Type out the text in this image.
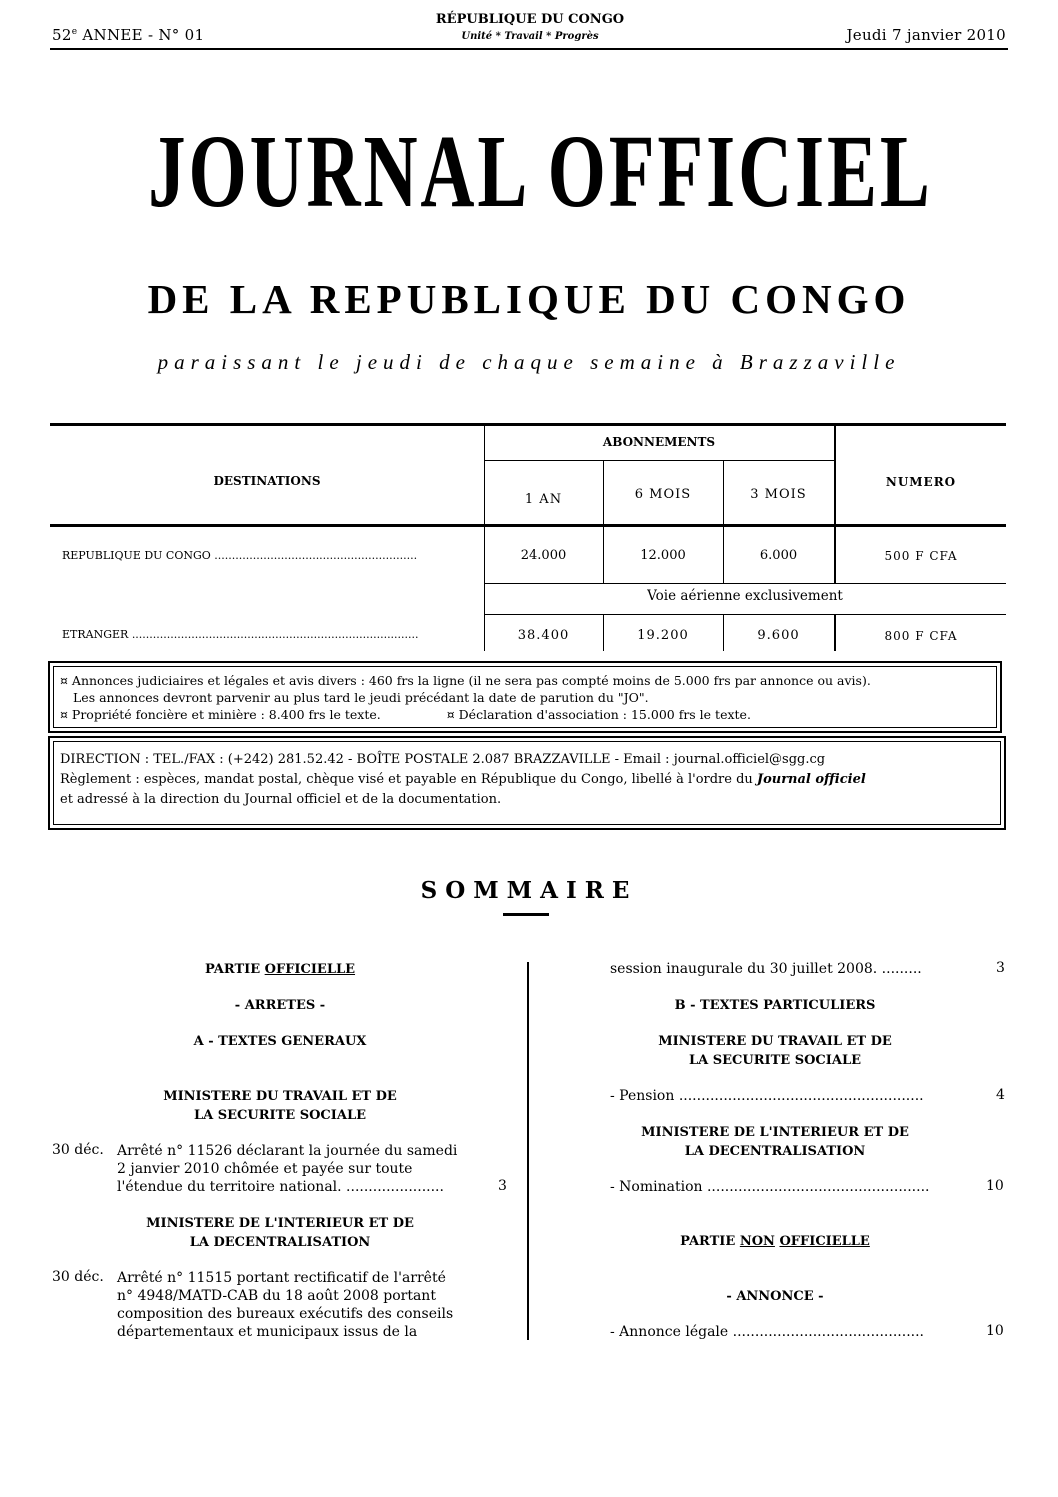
52e ANNEE - N° 01
RÉPUBLIQUE DU CONGO
Unité * Travail * Progrès	Jeudi 7 janvier 2010
JOURNAL OFFICIEL
DE LA REPUBLIQUE DU CONGO
paraissant le jeudi de chaque semaine à Brazzaville
DESTINATIONS
ABONNEMENTS
NUMERO
1 AN	6 MOIS	3 MOIS
REPUBLIQUE DU CONGO ..........................................................	24.000	12.000	6.000	500 F CFA
Voie aérienne exclusivement
ETRANGER ..................................................................................	38.400	19.200	9.600	800 F CFA
¤ Annonces judiciaires et légales et avis divers : 460 frs la ligne (il ne sera pas compté moins de 5.000 frs par annonce ou avis).
Les annonces devront parvenir au plus tard le jeudi précédant la date de parution du "JO".
¤ Propriété foncière et minière : 8.400 frs le texte.	¤ Déclaration d'association : 15.000 frs le texte.
DIRECTION : TEL./FAX : (+242) 281.52.42 - BOÎTE POSTALE 2.087 BRAZZAVILLE - Email : journal.officiel@sgg.cg
Règlement : espèces, mandat postal, chèque visé et payable en République du Congo, libellé à l'ordre du Journal officiel
et adressé à la direction du Journal officiel et de la documentation.
SOMMAIRE
PARTIE OFFICIELLE
- ARRETES -
A - TEXTES GENERAUX
MINISTERE DU TRAVAIL ET DE
LA SECURITE SOCIALE
30 déc. Arrêté n° 11526 déclarant la journée du samedi
2 janvier 2010 chômée et payée sur toute
l'étendue du territoire national. ......................	3
MINISTERE DE L'INTERIEUR ET DE
LA DECENTRALISATION
30 déc. Arrêté n° 11515 portant rectificatif de l'arrêté
n° 4948/MATD-CAB du 18 août 2008 portant
composition des bureaux exécutifs des conseils
départementaux et municipaux issus de la
session inaugurale du 30 juillet 2008. .........	3
B - TEXTES PARTICULIERS
MINISTERE DU TRAVAIL ET DE
LA SECURITE SOCIALE
- Pension .......................................................	4
MINISTERE DE L'INTERIEUR ET DE
LA DECENTRALISATION
- Nomination ..................................................	10
PARTIE NON OFFICIELLE
- ANNONCE -
- Annonce légale ...........................................	10
